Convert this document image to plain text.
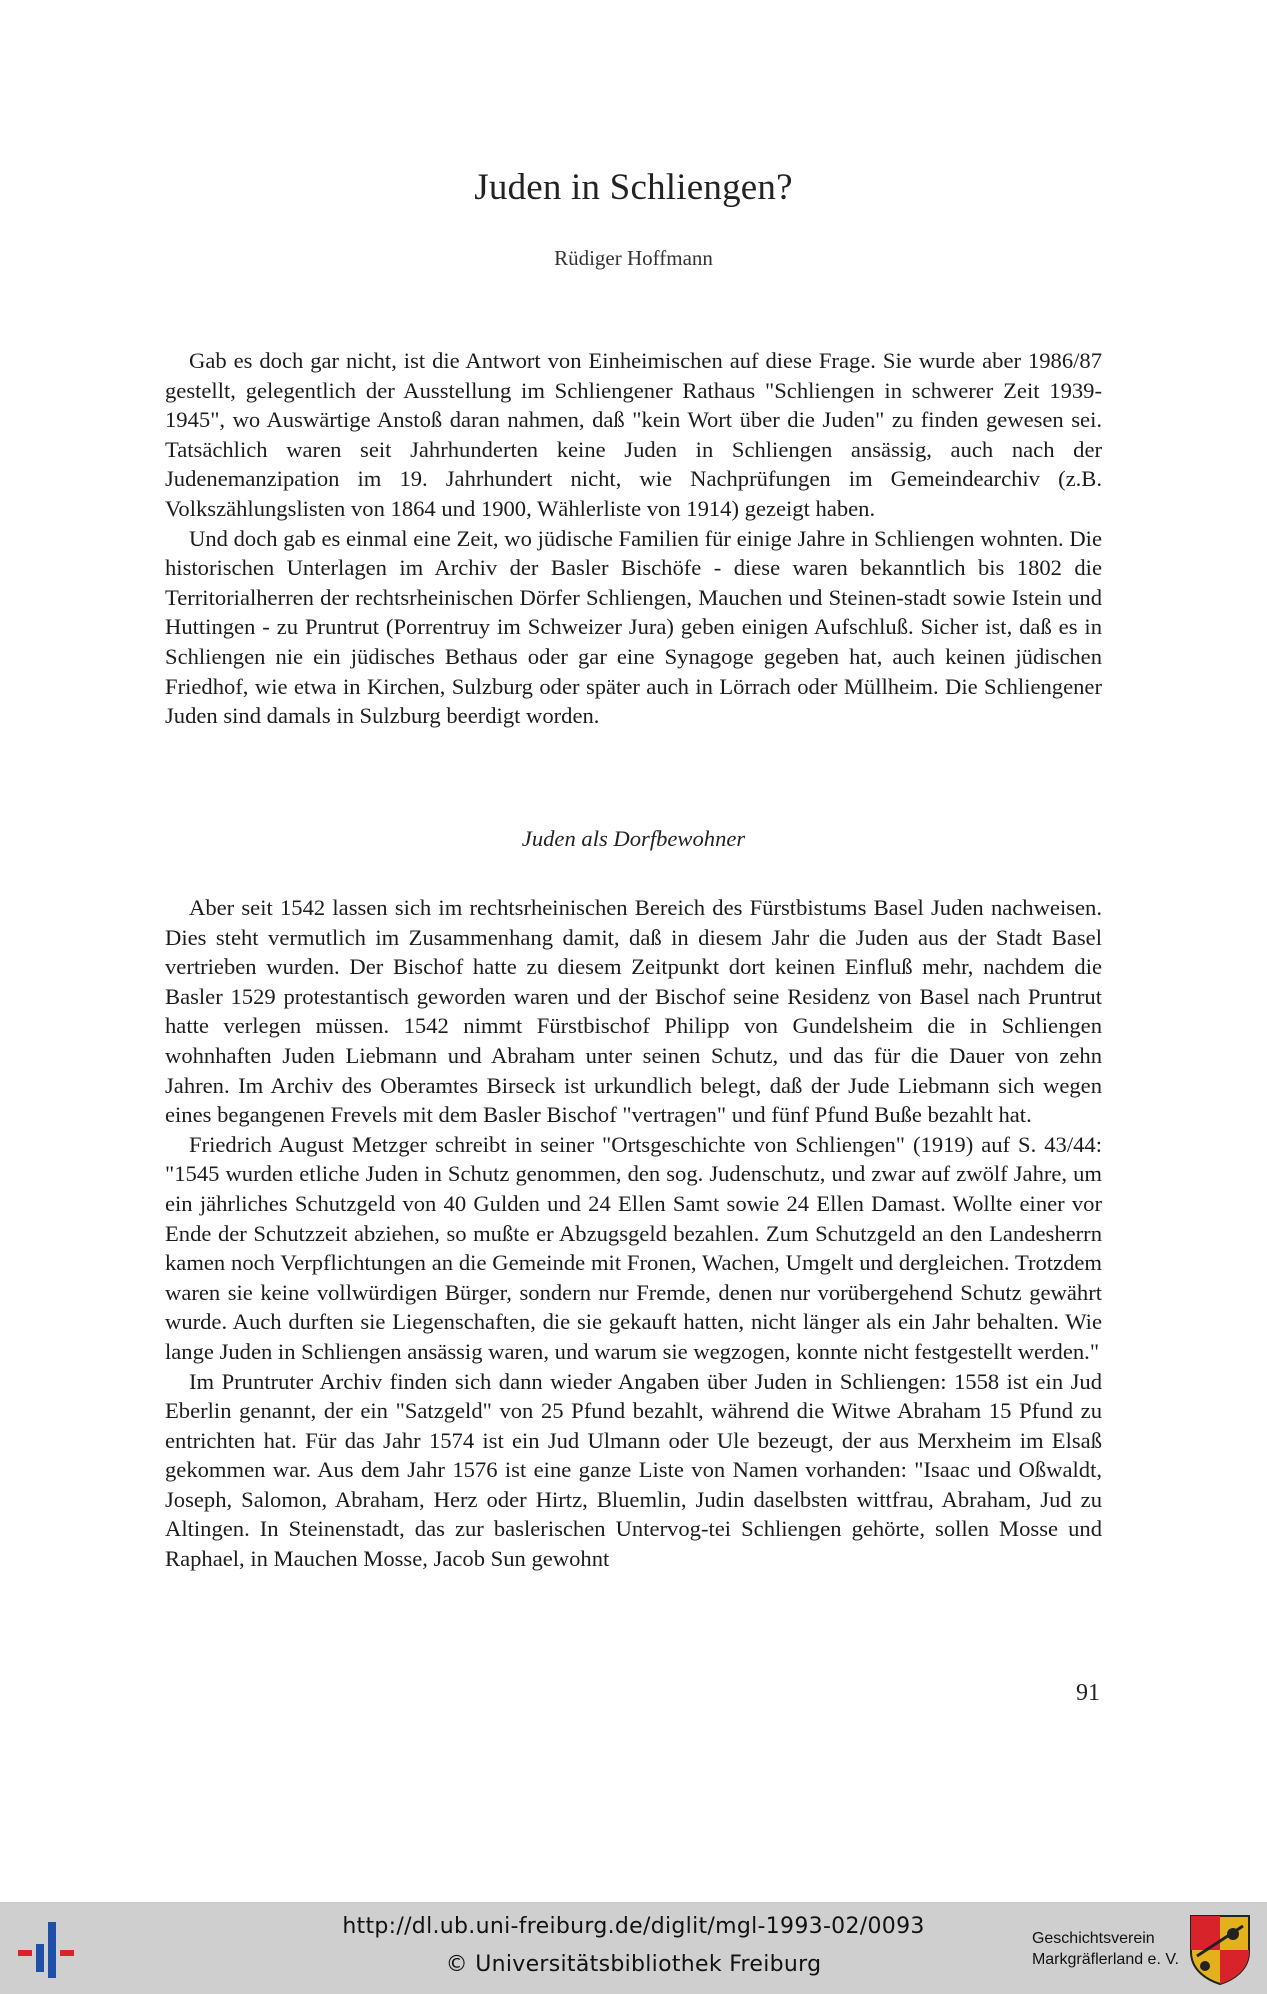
Juden in Schliengen?
Rüdiger Hoffmann

Gab es doch gar nicht, ist die Antwort von Einheimischen auf diese Frage. Sie wurde aber 1986/87 gestellt, gelegentlich der Ausstellung im Schliengener Rathaus "Schliengen in schwerer Zeit 1939-1945", wo Auswärtige Anstoß daran nahmen, daß "kein Wort über die Juden" zu finden gewesen sei. Tatsächlich waren seit Jahrhunderten keine Juden in Schliengen ansässig, auch nach der Judenemanzipation im 19. Jahrhundert nicht, wie Nachprüfungen im Gemeindearchiv (z.B. Volkszählungslisten von 1864 und 1900, Wählerliste von 1914) gezeigt haben.

Und doch gab es einmal eine Zeit, wo jüdische Familien für einige Jahre in Schliengen wohnten. Die historischen Unterlagen im Archiv der Basler Bischöfe - diese waren bekanntlich bis 1802 die Territorialherren der rechtsrheinischen Dörfer Schliengen, Mauchen und Steinen-stadt sowie Istein und Huttingen - zu Pruntrut (Porrentruy im Schweizer Jura) geben einigen Aufschluß. Sicher ist, daß es in Schliengen nie ein jüdisches Bethaus oder gar eine Synagoge gegeben hat, auch keinen jüdischen Friedhof, wie etwa in Kirchen, Sulzburg oder später auch in Lörrach oder Müllheim. Die Schliengener Juden sind damals in Sulzburg beerdigt worden.

Juden als Dorfbewohner

Aber seit 1542 lassen sich im rechtsrheinischen Bereich des Fürstbistums Basel Juden nachweisen. Dies steht vermutlich im Zusammenhang damit, daß in diesem Jahr die Juden aus der Stadt Basel vertrieben wurden. Der Bischof hatte zu diesem Zeitpunkt dort keinen Einfluß mehr, nachdem die Basler 1529 protestantisch geworden waren und der Bischof seine Residenz von Basel nach Pruntrut hatte verlegen müssen. 1542 nimmt Fürstbischof Philipp von Gundelsheim die in Schliengen wohnhaften Juden Liebmann und Abraham unter seinen Schutz, und das für die Dauer von zehn Jahren. Im Archiv des Oberamtes Birseck ist urkundlich belegt, daß der Jude Liebmann sich wegen eines begangenen Frevels mit dem Basler Bischof "vertragen" und fünf Pfund Buße bezahlt hat.

Friedrich August Metzger schreibt in seiner "Ortsgeschichte von Schliengen" (1919) auf S. 43/44: "1545 wurden etliche Juden in Schutz genommen, den sog. Judenschutz, und zwar auf zwölf Jahre, um ein jährliches Schutzgeld von 40 Gulden und 24 Ellen Samt sowie 24 Ellen Damast. Wollte einer vor Ende der Schutzzeit abziehen, so mußte er Abzugsgeld bezahlen. Zum Schutzgeld an den Landesherrn kamen noch Verpflichtungen an die Gemeinde mit Fronen, Wachen, Umgelt und dergleichen. Trotzdem waren sie keine vollwürdigen Bürger, sondern nur Fremde, denen nur vorübergehend Schutz gewährt wurde. Auch durften sie Liegenschaften, die sie gekauft hatten, nicht länger als ein Jahr behalten. Wie lange Juden in Schliengen ansässig waren, und warum sie wegzogen, konnte nicht festgestellt werden."

Im Pruntruter Archiv finden sich dann wieder Angaben über Juden in Schliengen: 1558 ist ein Jud Eberlin genannt, der ein "Satzgeld" von 25 Pfund bezahlt, während die Witwe Abraham 15 Pfund zu entrichten hat. Für das Jahr 1574 ist ein Jud Ulmann oder Ule bezeugt, der aus Merxheim im Elsaß gekommen war. Aus dem Jahr 1576 ist eine ganze Liste von Namen vorhanden: "Isaac und Oßwaldt, Joseph, Salomon, Abraham, Herz oder Hirtz, Bluemlin, Judin daselbsten wittfrau, Abraham, Jud zu Altingen. In Steinenstadt, das zur baslerischen Untervog-tei Schliengen gehörte, sollen Mosse und Raphael, in Mauchen Mosse, Jacob Sun gewohnt

91
http://dl.ub.uni-freiburg.de/diglit/mgl-1993-02/0093
© Universitätsbibliothek Freiburg
Geschichtsverein
Markgräflerland e. V.
